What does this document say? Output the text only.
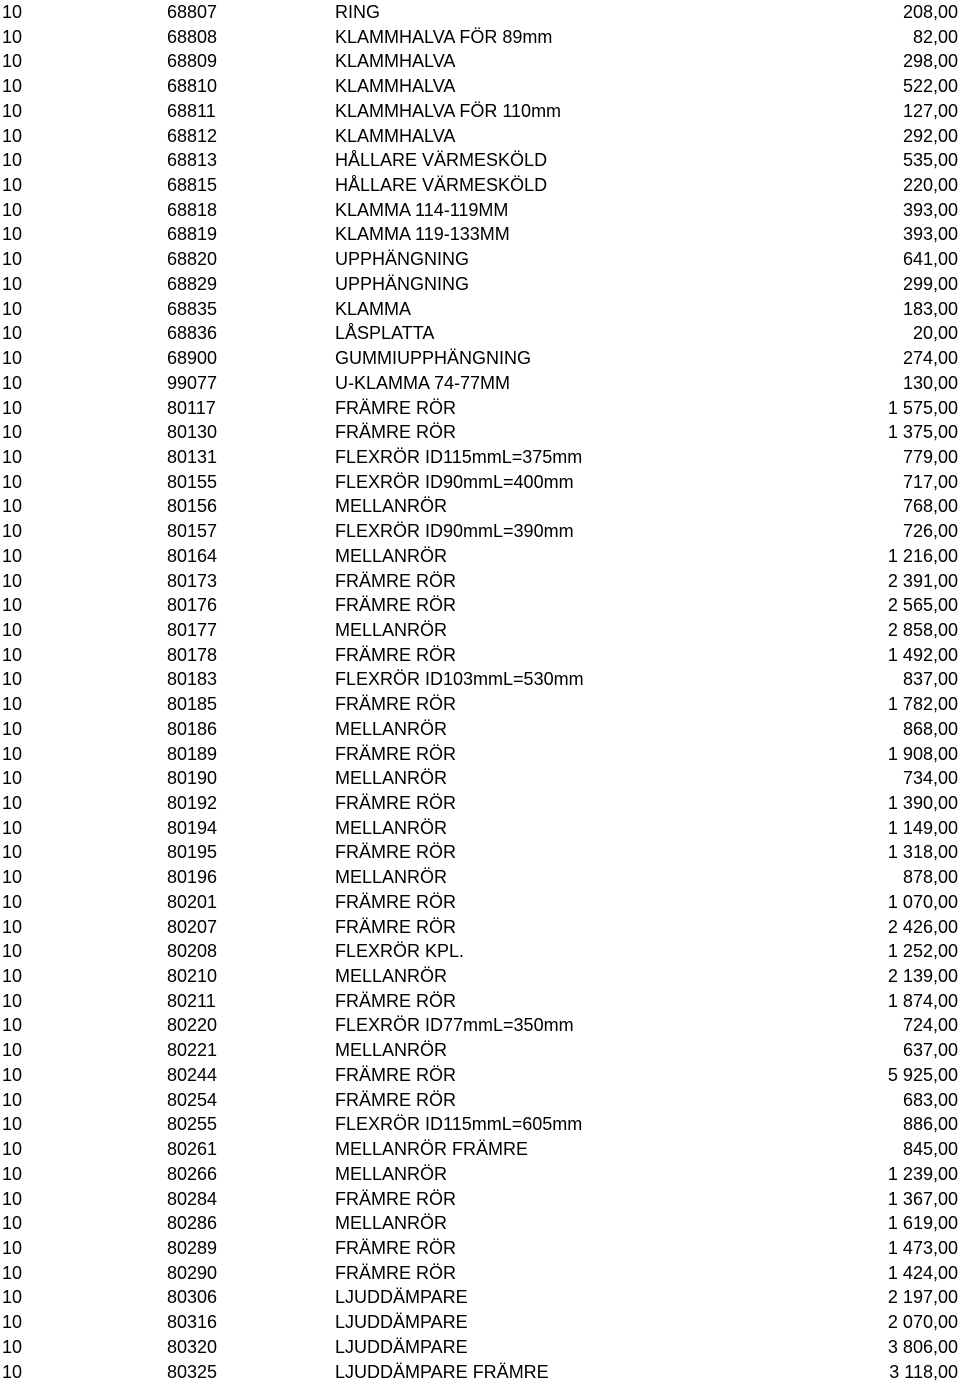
10	68807	RING	208,00
10	68808	KLAMMHALVA FÖR 89mm	82,00
10	68809	KLAMMHALVA	298,00
10	68810	KLAMMHALVA	522,00
10	68811	KLAMMHALVA FÖR 110mm	127,00
10	68812	KLAMMHALVA	292,00
10	68813	HÅLLARE VÄRMESKÖLD	535,00
10	68815	HÅLLARE VÄRMESKÖLD	220,00
10	68818	KLAMMA 114-119MM	393,00
10	68819	KLAMMA 119-133MM	393,00
10	68820	UPPHÄNGNING	641,00
10	68829	UPPHÄNGNING	299,00
10	68835	KLAMMA	183,00
10	68836	LÅSPLATTA	20,00
10	68900	GUMMIUPPHÄNGNING	274,00
10	99077	U-KLAMMA 74-77MM	130,00
10	80117	FRÄMRE RÖR	1 575,00
10	80130	FRÄMRE RÖR	1 375,00
10	80131	FLEXRÖR ID115mmL=375mm	779,00
10	80155	FLEXRÖR ID90mmL=400mm	717,00
10	80156	MELLANRÖR	768,00
10	80157	FLEXRÖR ID90mmL=390mm	726,00
10	80164	MELLANRÖR	1 216,00
10	80173	FRÄMRE RÖR	2 391,00
10	80176	FRÄMRE RÖR	2 565,00
10	80177	MELLANRÖR	2 858,00
10	80178	FRÄMRE RÖR	1 492,00
10	80183	FLEXRÖR ID103mmL=530mm	837,00
10	80185	FRÄMRE RÖR	1 782,00
10	80186	MELLANRÖR	868,00
10	80189	FRÄMRE RÖR	1 908,00
10	80190	MELLANRÖR	734,00
10	80192	FRÄMRE RÖR	1 390,00
10	80194	MELLANRÖR	1 149,00
10	80195	FRÄMRE RÖR	1 318,00
10	80196	MELLANRÖR	878,00
10	80201	FRÄMRE RÖR	1 070,00
10	80207	FRÄMRE RÖR	2 426,00
10	80208	FLEXRÖR KPL.	1 252,00
10	80210	MELLANRÖR	2 139,00
10	80211	FRÄMRE RÖR	1 874,00
10	80220	FLEXRÖR ID77mmL=350mm	724,00
10	80221	MELLANRÖR	637,00
10	80244	FRÄMRE RÖR	5 925,00
10	80254	FRÄMRE RÖR	683,00
10	80255	FLEXRÖR ID115mmL=605mm	886,00
10	80261	MELLANRÖR FRÄMRE	845,00
10	80266	MELLANRÖR	1 239,00
10	80284	FRÄMRE RÖR	1 367,00
10	80286	MELLANRÖR	1 619,00
10	80289	FRÄMRE RÖR	1 473,00
10	80290	FRÄMRE RÖR	1 424,00
10	80306	LJUDDÄMPARE	2 197,00
10	80316	LJUDDÄMPARE	2 070,00
10	80320	LJUDDÄMPARE	3 806,00
10	80325	LJUDDÄMPARE FRÄMRE	3 118,00
